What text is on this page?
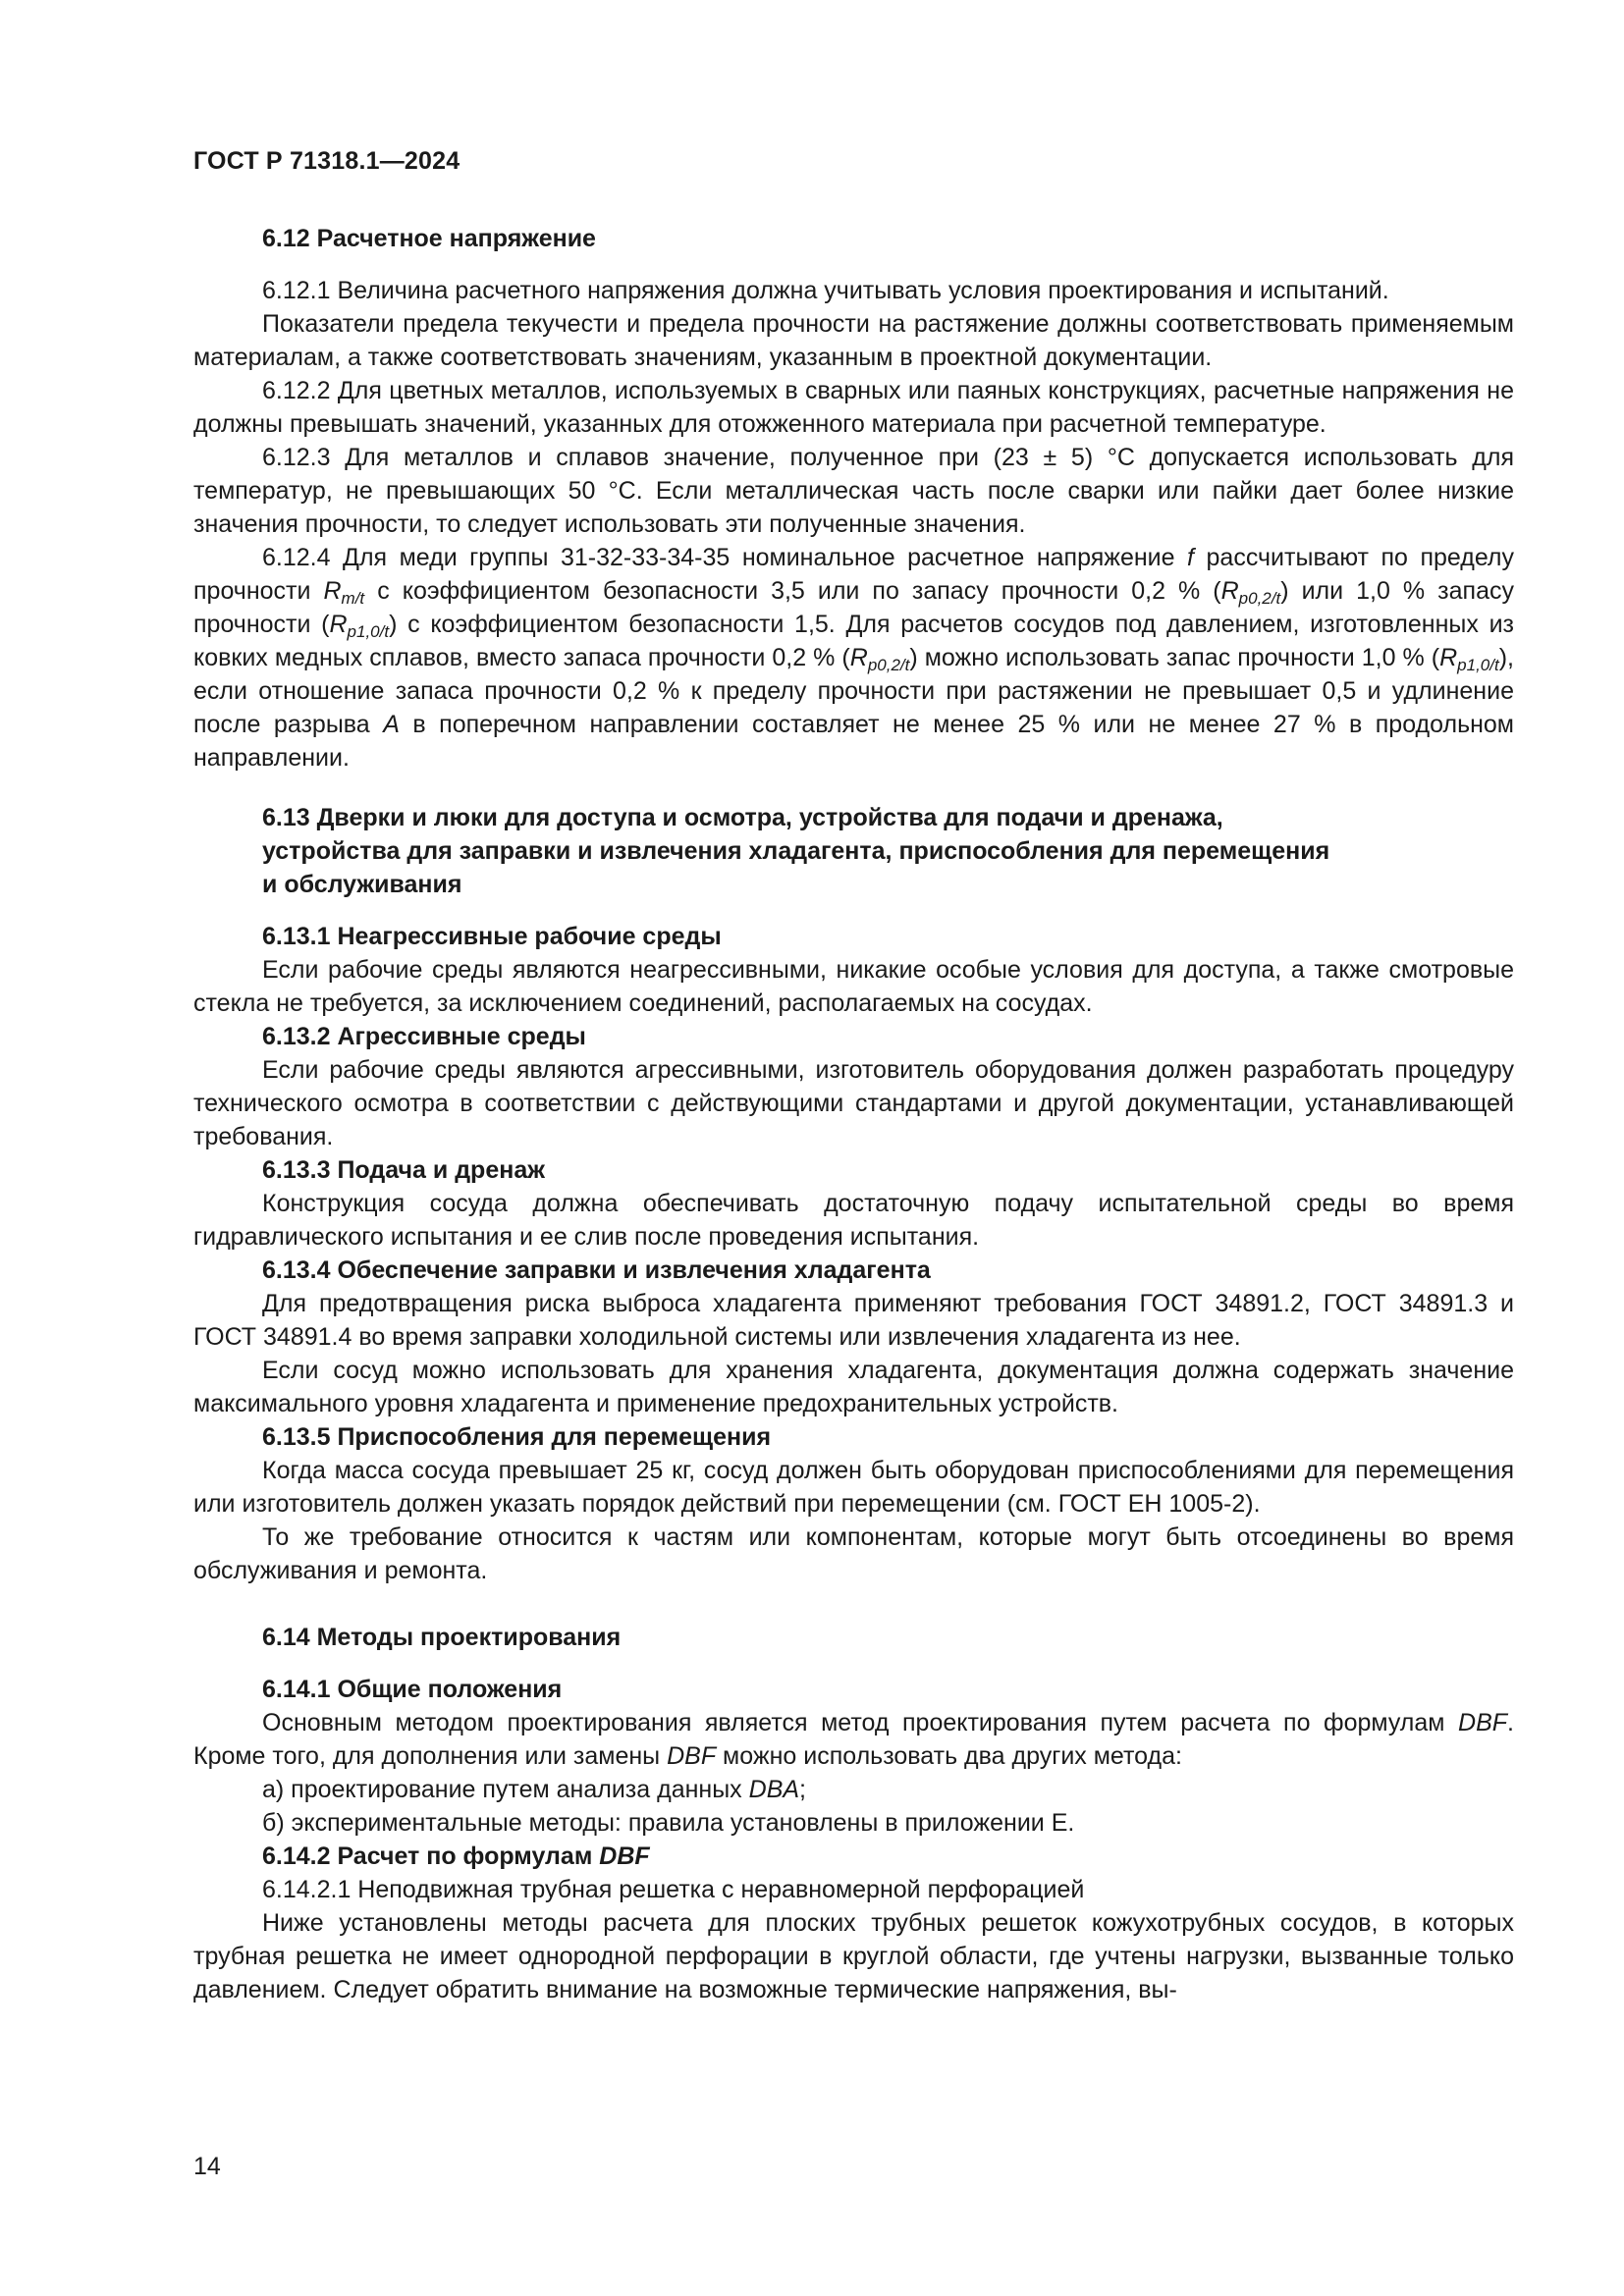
ГОСТ Р 71318.1—2024
6.12 Расчетное напряжение

6.12.1 Величина расчетного напряжения должна учитывать условия проектирования и испытаний.

Показатели предела текучести и предела прочности на растяжение должны соответствовать применяемым материалам, а также соответствовать значениям, указанным в проектной документации.

6.12.2 Для цветных металлов, используемых в сварных или паяных конструкциях, расчетные напряжения не должны превышать значений, указанных для отожженного материала при расчетной температуре.

6.12.3 Для металлов и сплавов значение, полученное при (23 ± 5) °С допускается использовать для температур, не превышающих 50 °С. Если металлическая часть после сварки или пайки дает более низкие значения прочности, то следует использовать эти полученные значения.

6.12.4 Для меди группы 31-32-33-34-35 номинальное расчетное напряжение f рассчитывают по пределу прочности $R_{m/t}$ с коэффициентом безопасности 3,5 или по запасу прочности 0,2 % $(R_{p0,2/t})$ или 1,0 % запасу прочности $(R_{p1,0/t})$ с коэффициентом безопасности 1,5. Для расчетов сосудов под давлением, изготовленных из ковких медных сплавов, вместо запаса прочности 0,2 % $(R_{p0,2/t})$ можно использовать запас прочности 1,0 % $(R_{p1,0/t})$, если отношение запаса прочности 0,2 % к пределу прочности при растяжении не превышает 0,5 и удлинение после разрыва A в поперечном направлении составляет не менее 25 % или не менее 27 % в продольном направлении.

6.13 Дверки и люки для доступа и осмотра, устройства для подачи и дренажа,
устройства для заправки и извлечения хладагента, приспособления для перемещения
и обслуживания
6.13.1 Неагрессивные рабочие среды

Если рабочие среды являются неагрессивными, никакие особые условия для доступа, а также смотровые стекла не требуется, за исключением соединений, располагаемых на сосудах.

6.13.2 Агрессивные среды

Если рабочие среды являются агрессивными, изготовитель оборудования должен разработать процедуру технического осмотра в соответствии с действующими стандартами и другой документации, устанавливающей требования.

6.13.3 Подача и дренаж

Конструкция сосуда должна обеспечивать достаточную подачу испытательной среды во время гидравлического испытания и ее слив после проведения испытания.

6.13.4 Обеспечение заправки и извлечения хладагента

Для предотвращения риска выброса хладагента применяют требования ГОСТ 34891.2, ГОСТ 34891.3 и ГОСТ 34891.4 во время заправки холодильной системы или извлечения хладагента из нее.

Если сосуд можно использовать для хранения хладагента, документация должна содержать значение максимального уровня хладагента и применение предохранительных устройств.

6.13.5 Приспособления для перемещения

Когда масса сосуда превышает 25 кг, сосуд должен быть оборудован приспособлениями для перемещения или изготовитель должен указать порядок действий при перемещении (см. ГОСТ ЕН 1005-2).

То же требование относится к частям или компонентам, которые могут быть отсоединены во время обслуживания и ремонта.

6.14 Методы проектирования
6.14.1 Общие положения

Основным методом проектирования является метод проектирования путем расчета по формулам DBF. Кроме того, для дополнения или замены DBF можно использовать два других метода:

а) проектирование путем анализа данных DBA;

б) экспериментальные методы: правила установлены в приложении Е.

6.14.2 Расчет по формулам DBF

6.14.2.1 Неподвижная трубная решетка с неравномерной перфорацией

Ниже установлены методы расчета для плоских трубных решеток кожухотрубных сосудов, в которых трубная решетка не имеет однородной перфорации в круглой области, где учтены нагрузки, вызванные только давлением. Следует обратить внимание на возможные термические напряжения, вы-

14
